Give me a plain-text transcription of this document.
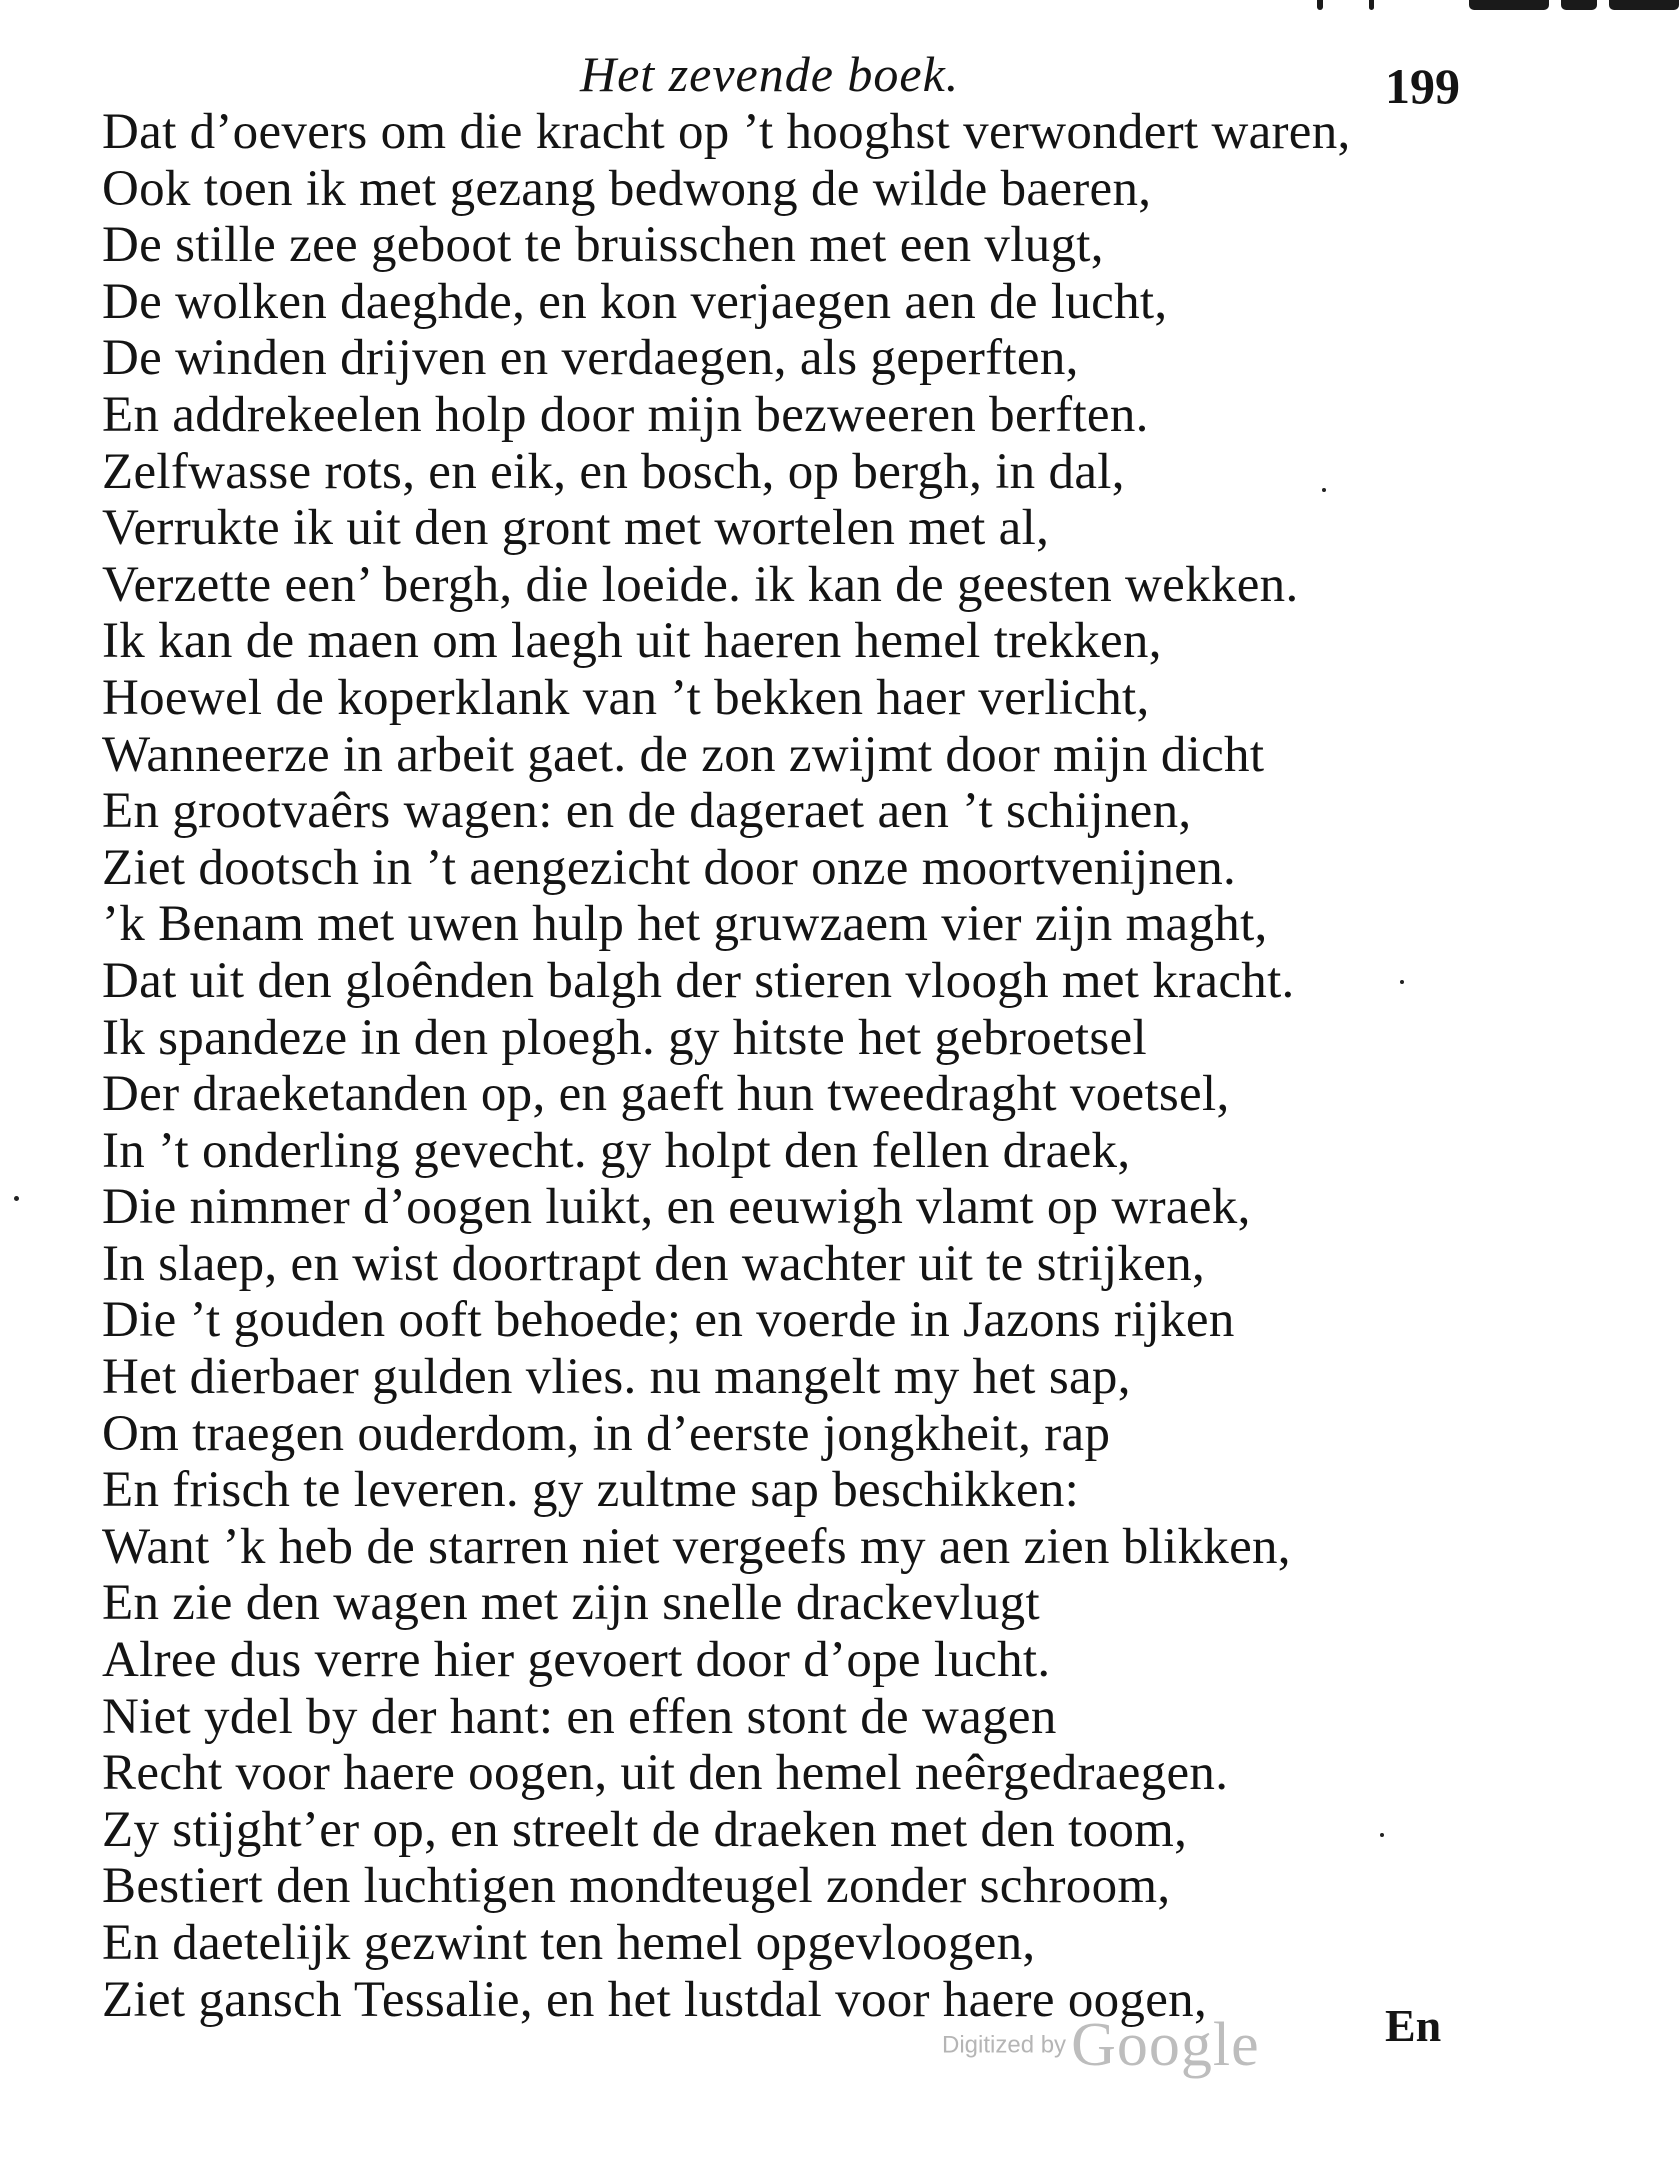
Het zevende boek.	199
Dat d’oevers om die kracht op ’t hooghst verwondert waren,
Ook toen ik met gezang bedwong de wilde baeren,
De stille zee geboot te bruisschen met een vlugt,
De wolken daeghde, en kon verjaegen aen de lucht,
De winden drijven en verdaegen, als geperften,
En addrekeelen holp door mijn bezweeren berften.
Zelfwasse rots, en eik, en bosch, op bergh, in dal,
Verrukte ik uit den gront met wortelen met al,
Verzette een’ bergh, die loeide. ik kan de geesten wekken.
Ik kan de maen om laegh uit haeren hemel trekken,
Hoewel de koperklank van ’t bekken haer verlicht,
Wanneerze in arbeit gaet. de zon zwijmt door mijn dicht
En grootvaêrs wagen: en de dageraet aen ’t schijnen,
Ziet dootsch in ’t aengezicht door onze moortvenijnen.
’k Benam met uwen hulp het gruwzaem vier zijn maght,
Dat uit den gloênden balgh der stieren vloogh met kracht.
Ik spandeze in den ploegh. gy hitste het gebroetsel
Der draeketanden op, en gaeft hun tweedraght voetsel,
In ’t onderling gevecht. gy holpt den fellen draek,
Die nimmer d’oogen luikt, en eeuwigh vlamt op wraek,
In slaep, en wist doortrapt den wachter uit te strijken,
Die ’t gouden ooft behoede; en voerde in Jazons rijken
Het dierbaer gulden vlies. nu mangelt my het sap,
Om traegen ouderdom, in d’eerste jongkheit, rap
En frisch te leveren. gy zultme sap beschikken:
Want ’k heb de starren niet vergeefs my aen zien blikken,
En zie den wagen met zijn snelle drackevlugt
Alree dus verre hier gevoert door d’ope lucht.
Niet ydel by der hant: en effen stont de wagen
Recht voor haere oogen, uit den hemel neêrgedraegen.
Zy stijght’er op, en streelt de draeken met den toom,
Bestiert den luchtigen mondteugel zonder schroom,
En daetelijk gezwint ten hemel opgevloogen,
Ziet gansch Tessalie, en het lustdal voor haere oogen,	En
Digitized by Google
